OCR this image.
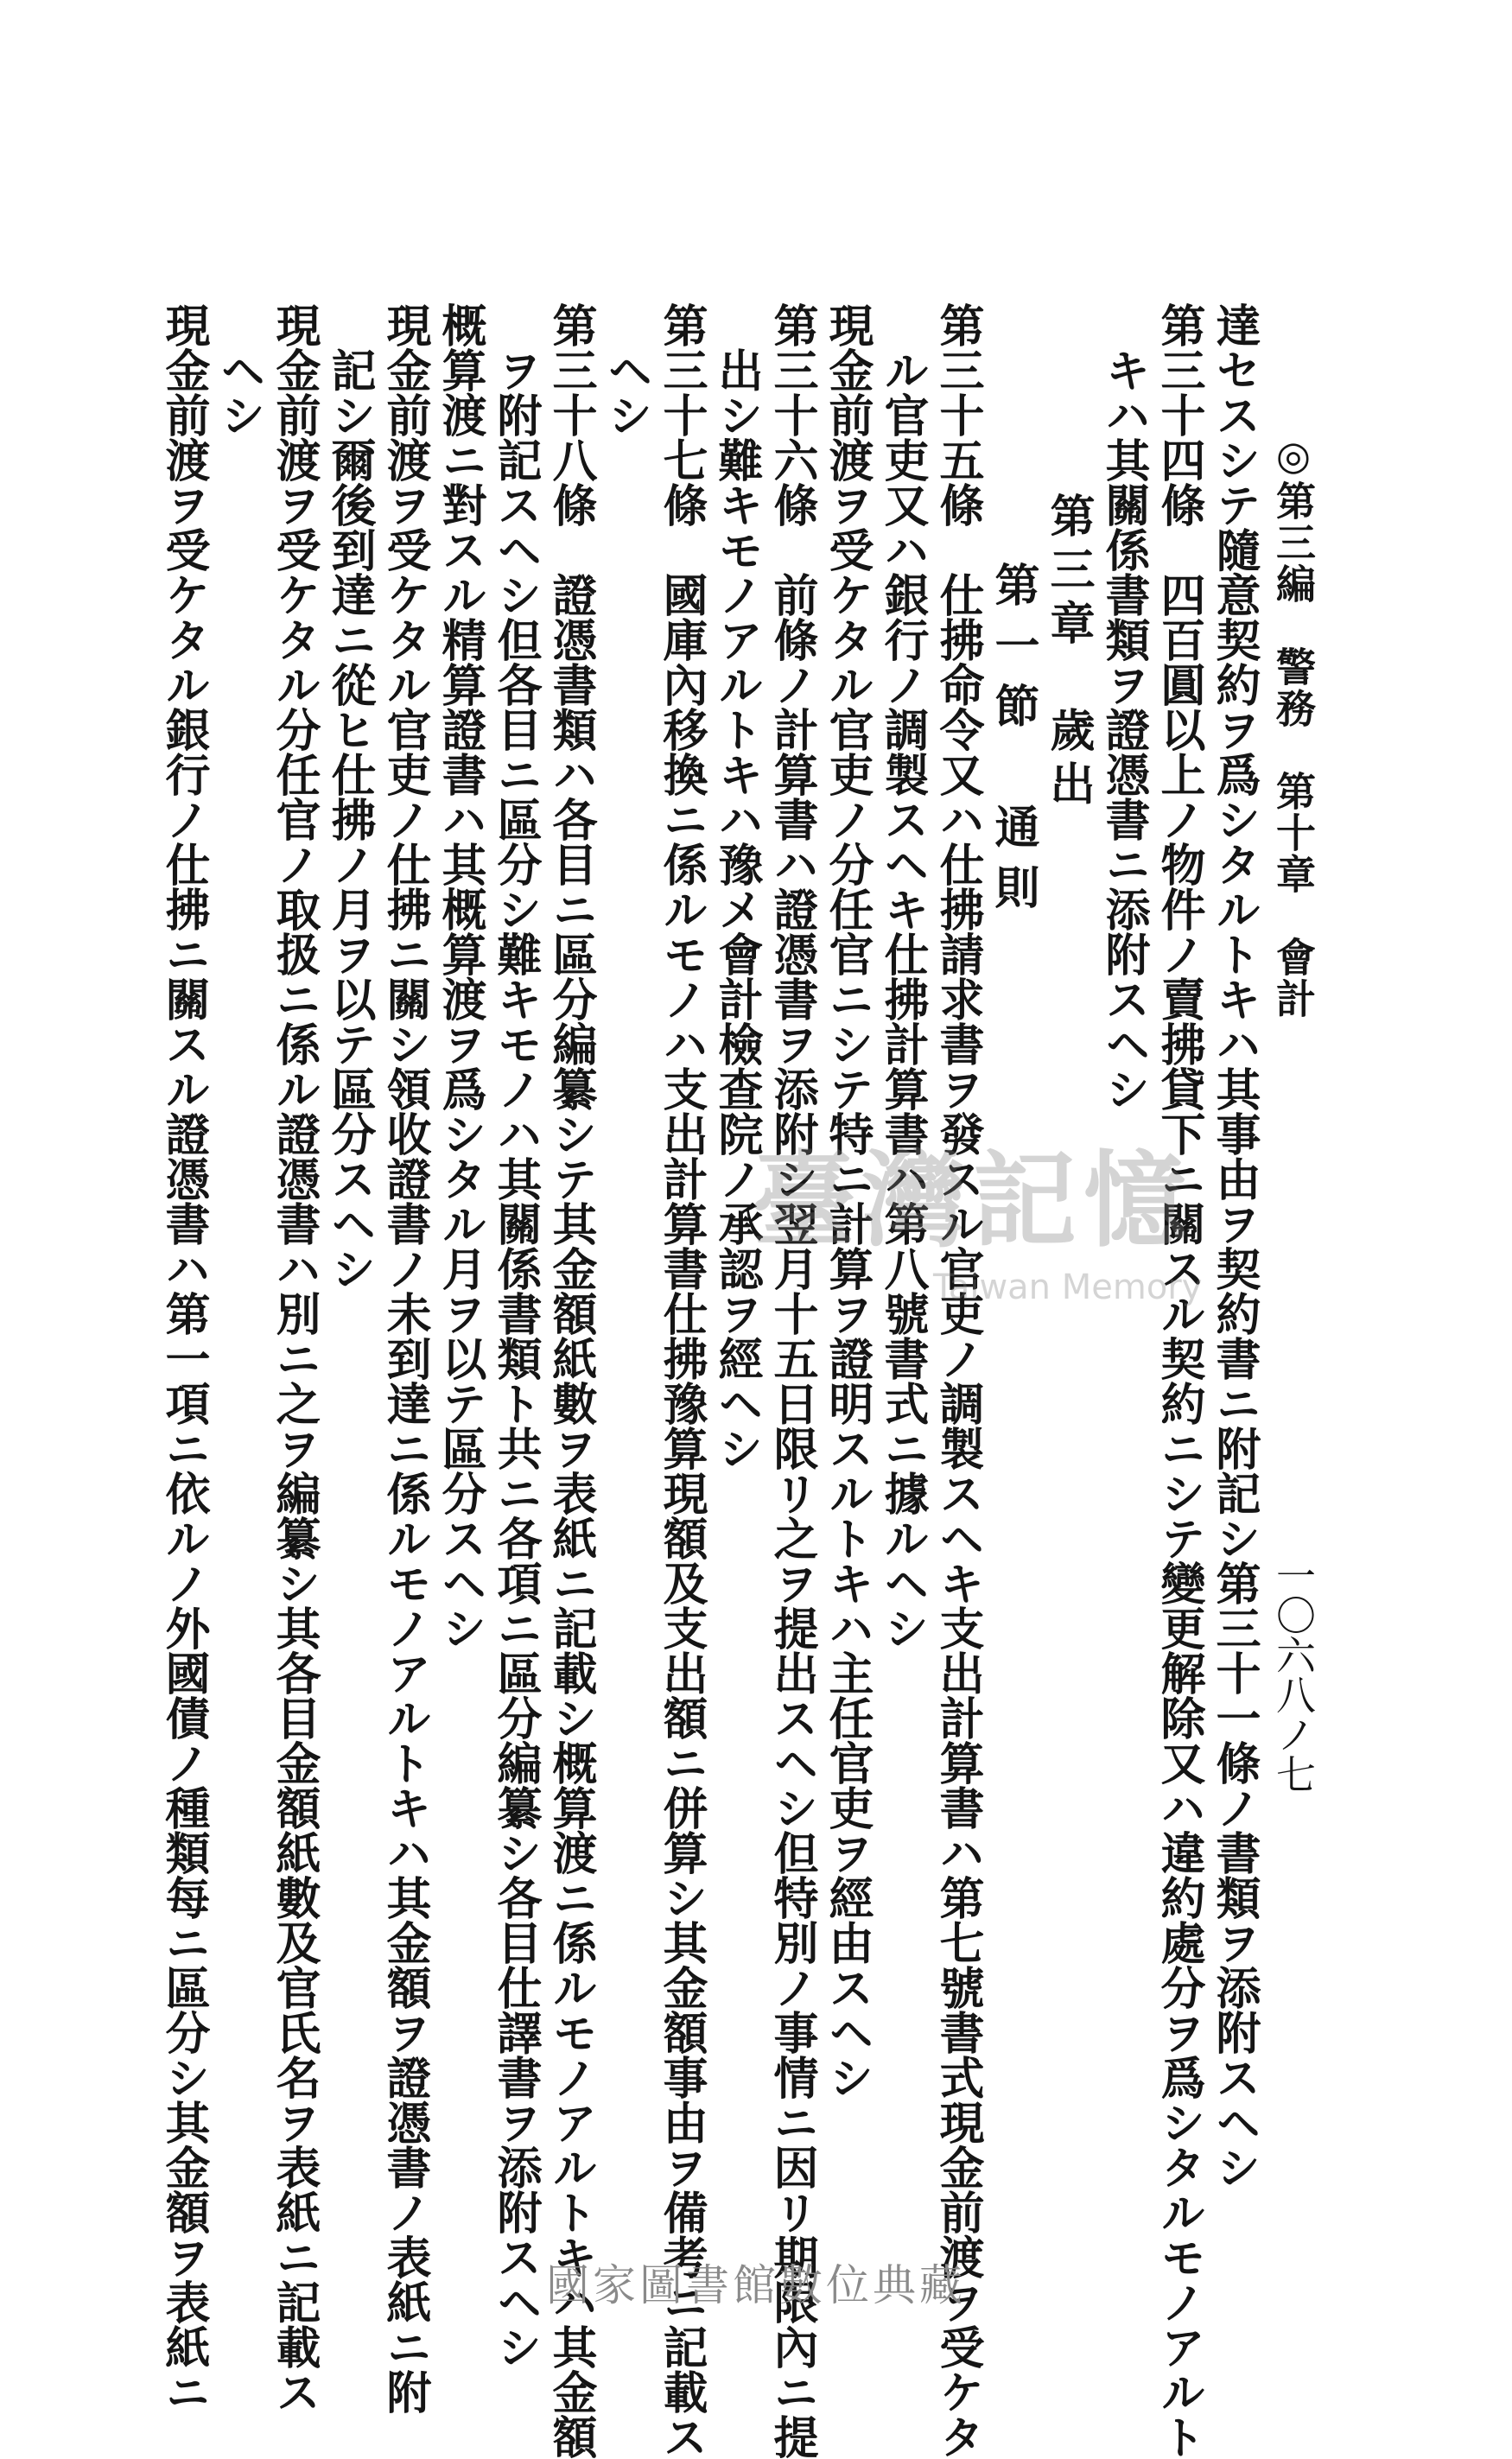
◎第三編　警務　第十章　會計
一〇六八ノ七
達セスシテ隨意契約ヲ爲シタルトキハ其事由ヲ契約書ニ附記シ第三十一條ノ書類ヲ添附スヘシ
第三十四條　四百圓以上ノ物件ノ賣拂貸下ニ關スル契約ニシテ變更解除又ハ違約處分ヲ爲シタルモノアルト
キハ其關係書類ヲ證憑書ニ添附スヘシ
第三章　歲出
第一節　通則
第三十五條　仕拂命令又ハ仕拂請求書ヲ發スル官吏ノ調製スヘキ支出計算書ハ第七號書式現金前渡ヲ受ケタ
ル官吏又ハ銀行ノ調製スヘキ仕拂計算書ハ第八號書式ニ據ルヘシ
現金前渡ヲ受ケタル官吏ノ分任官ニシテ特ニ計算ヲ證明スルトキハ主任官吏ヲ經由スヘシ
第三十六條　前條ノ計算書ハ證憑書ヲ添附シ翌月十五日限リ之ヲ提出スヘシ但特別ノ事情ニ因リ期限內ニ提
出シ難キモノアルトキハ豫メ會計檢查院ノ承認ヲ經ヘシ
第三十七條　國庫內移換ニ係ルモノハ支出計算書仕拂豫算現額及支出額ニ併算シ其金額事由ヲ備考ニ記載ス
ヘシ
第三十八條　證憑書類ハ各目ニ區分編纂シテ其金額紙數ヲ表紙ニ記載シ概算渡ニ係ルモノアルトキハ其金額
ヲ附記スヘシ但各目ニ區分シ難キモノハ其關係書類ト共ニ各項ニ區分編纂シ各目仕譯書ヲ添附スヘシ
概算渡ニ對スル精算證書ハ其概算渡ヲ爲シタル月ヲ以テ區分スヘシ
現金前渡ヲ受ケタル官吏ノ仕拂ニ關シ領收證書ノ未到達ニ係ルモノアルトキハ其金額ヲ證憑書ノ表紙ニ附
記シ爾後到達ニ從ヒ仕拂ノ月ヲ以テ區分スヘシ
現金前渡ヲ受ケタル分任官ノ取扱ニ係ル證憑書ハ別ニ之ヲ編纂シ其各目金額紙數及官氏名ヲ表紙ニ記載ス
ヘシ
現金前渡ヲ受ケタル銀行ノ仕拂ニ關スル證憑書ハ第一項ニ依ルノ外國債ノ種類每ニ區分シ其金額ヲ表紙ニ	臺灣記憶
Taiwan Memory
國家圖書館數位典藏
